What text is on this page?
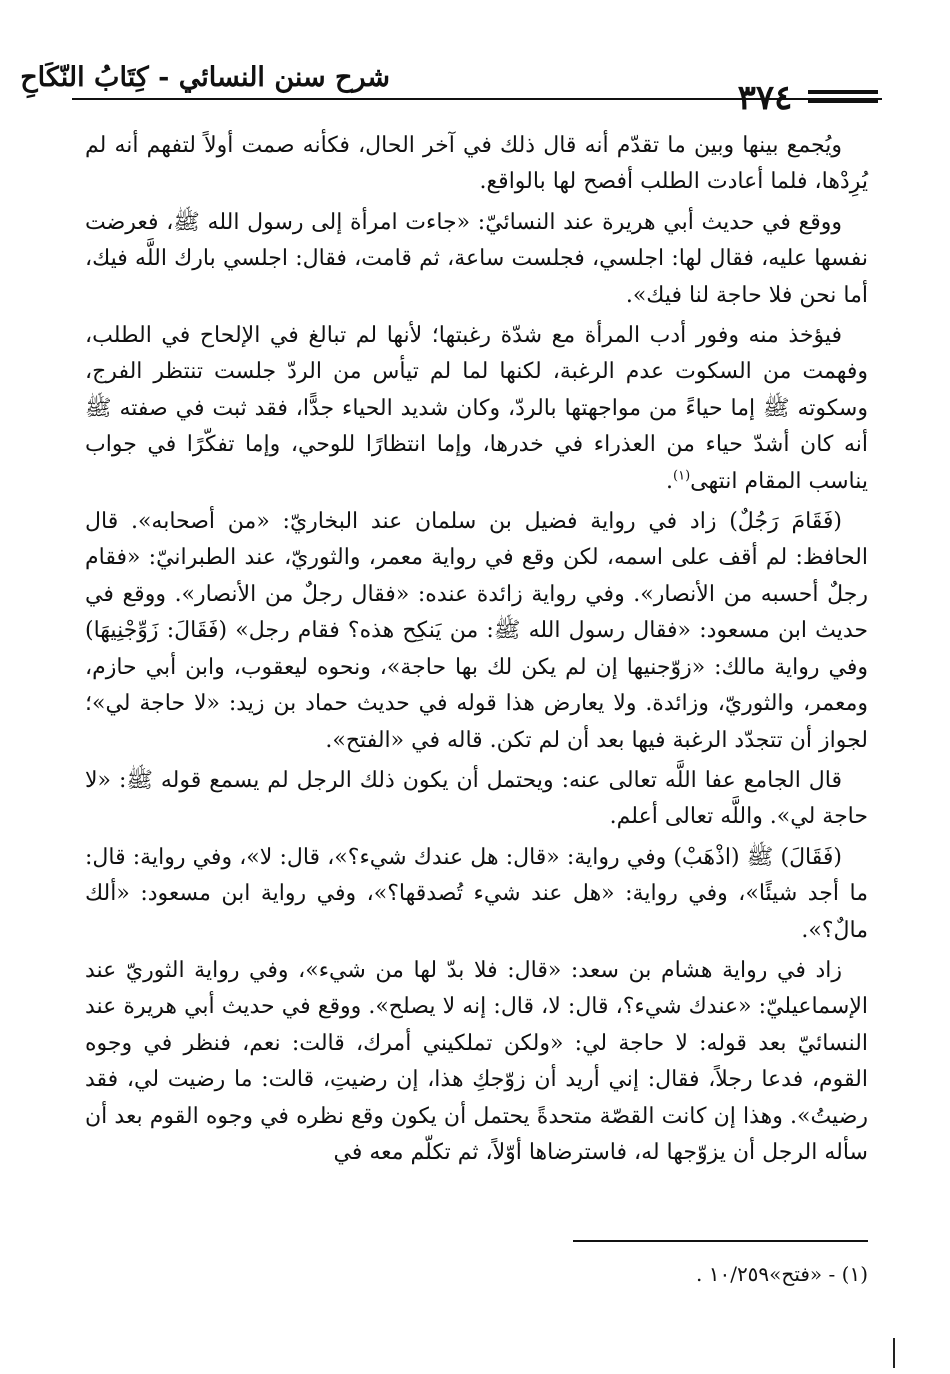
شرح سنن النسائي - كِتَابُ النّكَاحِ
٣٧٤

ويُجمع بينها وبين ما تقدّم أنه قال ذلك في آخر الحال، فكأنه صمت أولاً لتفهم أنه لم يُرِدْها، فلما أعادت الطلب أفصح لها بالواقع.

ووقع في حديث أبي هريرة عند النسائيّ: «جاءت امرأة إلى رسول الله ﷺ، فعرضت نفسها عليه، فقال لها: اجلسي، فجلست ساعة، ثم قامت، فقال: اجلسي بارك اللَّه فيك، أما نحن فلا حاجة لنا فيك».

فيؤخذ منه وفور أدب المرأة مع شدّة رغبتها؛ لأنها لم تبالغ في الإلحاح في الطلب، وفهمت من السكوت عدم الرغبة، لكنها لما لم تيأس من الردّ جلست تنتظر الفرج، وسكوته ﷺ إما حياءً من مواجهتها بالردّ، وكان شديد الحياء جدًّا، فقد ثبت في صفته ﷺ أنه كان أشدّ حياء من العذراء في خدرها، وإما انتظارًا للوحي، وإما تفكّرًا في جواب يناسب المقام انتهى$^{(١)}$.

(فَقَامَ رَجُلٌ) زاد في رواية فضيل بن سلمان عند البخاريّ: «من أصحابه». قال الحافظ: لم أقف على اسمه، لكن وقع في رواية معمر، والثوريّ، عند الطبرانيّ: «فقام رجلٌ أحسبه من الأنصار». وفي رواية زائدة عنده: «فقال رجلٌ من الأنصار». ووقع في حديث ابن مسعود: «فقال رسول الله ﷺ: من يَنكِح هذه؟ فقام رجل» (فَقَالَ: زَوِّجْنِيهَا) وفي رواية مالك: «زوّجنيها إن لم يكن لك بها حاجة»، ونحوه ليعقوب، وابن أبي حازم، ومعمر، والثوريّ، وزائدة. ولا يعارض هذا قوله في حديث حماد بن زيد: «لا حاجة لي»؛ لجواز أن تتجدّد الرغبة فيها بعد أن لم تكن. قاله في «الفتح».

قال الجامع عفا اللَّه تعالى عنه: ويحتمل أن يكون ذلك الرجل لم يسمع قوله ﷺ: «لا حاجة لي». واللَّه تعالى أعلم.

(فَقَالَ) ﷺ (اذْهَبْ) وفي رواية: «قال: هل عندك شيء؟»، قال: لا»، وفي رواية: قال: ما أجد شيئًا»، وفي رواية: «هل عند شيء تُصدقها؟»، وفي رواية ابن مسعود: «ألك مالٌ؟».

زاد في رواية هشام بن سعد: «قال: فلا بدّ لها من شيء»، وفي رواية الثوريّ عند الإسماعيليّ: «عندك شيء؟، قال: لا، قال: إنه لا يصلح». ووقع في حديث أبي هريرة عند النسائيّ بعد قوله: لا حاجة لي: «ولكن تملكيني أمرك، قالت: نعم، فنظر في وجوه القوم، فدعا رجلاً، فقال: إني أريد أن زوّجكِ هذا، إن رضيتِ، قالت: ما رضيت لي، فقد رضيتُ». وهذا إن كانت القصّة متحدةً يحتمل أن يكون وقع نظره في وجوه القوم بعد أن سأله الرجل أن يزوّجها له، فاسترضاها أوّلاً، ثم تكلّم معه في

(١) - «فتح»١٠/٢٥٩ .
